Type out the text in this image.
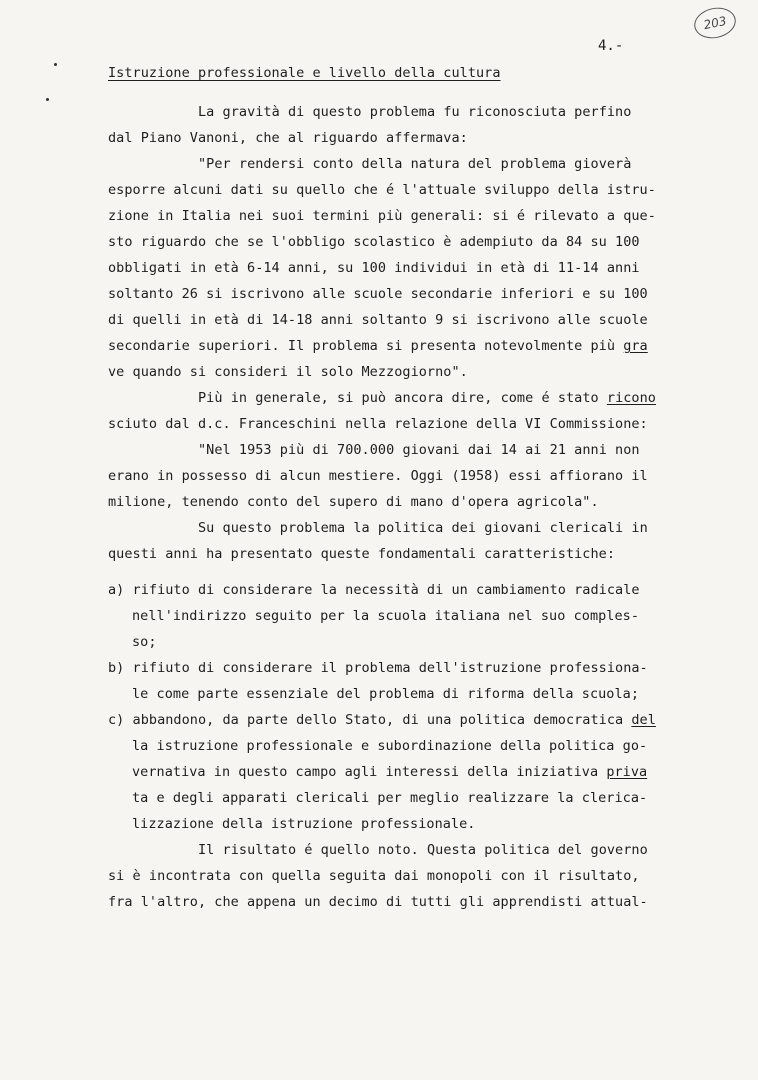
203
4.-
Istruzione professionale e livello della cultura
La gravità di questo problema fu riconosciuta perfino
dal Piano Vanoni, che al riguardo affermava:
"Per rendersi conto della natura del problema gioverà
esporre alcuni dati su quello che é l'attuale sviluppo della istru-
zione in Italia nei suoi termini più generali: si é rilevato a que-
sto riguardo che se l'obbligo scolastico è adempiuto da 84 su 100
obbligati in età 6-14 anni, su 100 individui in età di 11-14 anni
soltanto 26 si iscrivono alle scuole secondarie inferiori e su 100
di quelli in età di 14-18 anni soltanto 9 si iscrivono alle scuole
secondarie superiori. Il problema si presenta notevolmente più gra
ve quando si consideri il solo Mezzogiorno".
Più in generale, si può ancora dire, come é stato ricono
sciuto dal d.c. Franceschini nella relazione della VI Commissione:
"Nel 1953 più di 700.000 giovani dai 14 ai 21 anni non
erano in possesso di alcun mestiere. Oggi (1958) essi affiorano il
milione, tenendo conto del supero di mano d'opera agricola".
Su questo problema la politica dei giovani clericali in
questi anni ha presentato queste fondamentali caratteristiche:
a) rifiuto di considerare la necessità di un cambiamento radicale
nell'indirizzo seguito per la scuola italiana nel suo comples-
so;
b) rifiuto di considerare il problema dell'istruzione professiona-
le come parte essenziale del problema di riforma della scuola;
c) abbandono, da parte dello Stato, di una politica democratica del
la istruzione professionale e subordinazione della politica go-
vernativa in questo campo agli interessi della iniziativa priva
ta e degli apparati clericali per meglio realizzare la clerica-
lizzazione della istruzione professionale.
Il risultato é quello noto. Questa politica del governo
si è incontrata con quella seguita dai monopoli con il risultato,
fra l'altro, che appena un decimo di tutti gli apprendisti attual-
